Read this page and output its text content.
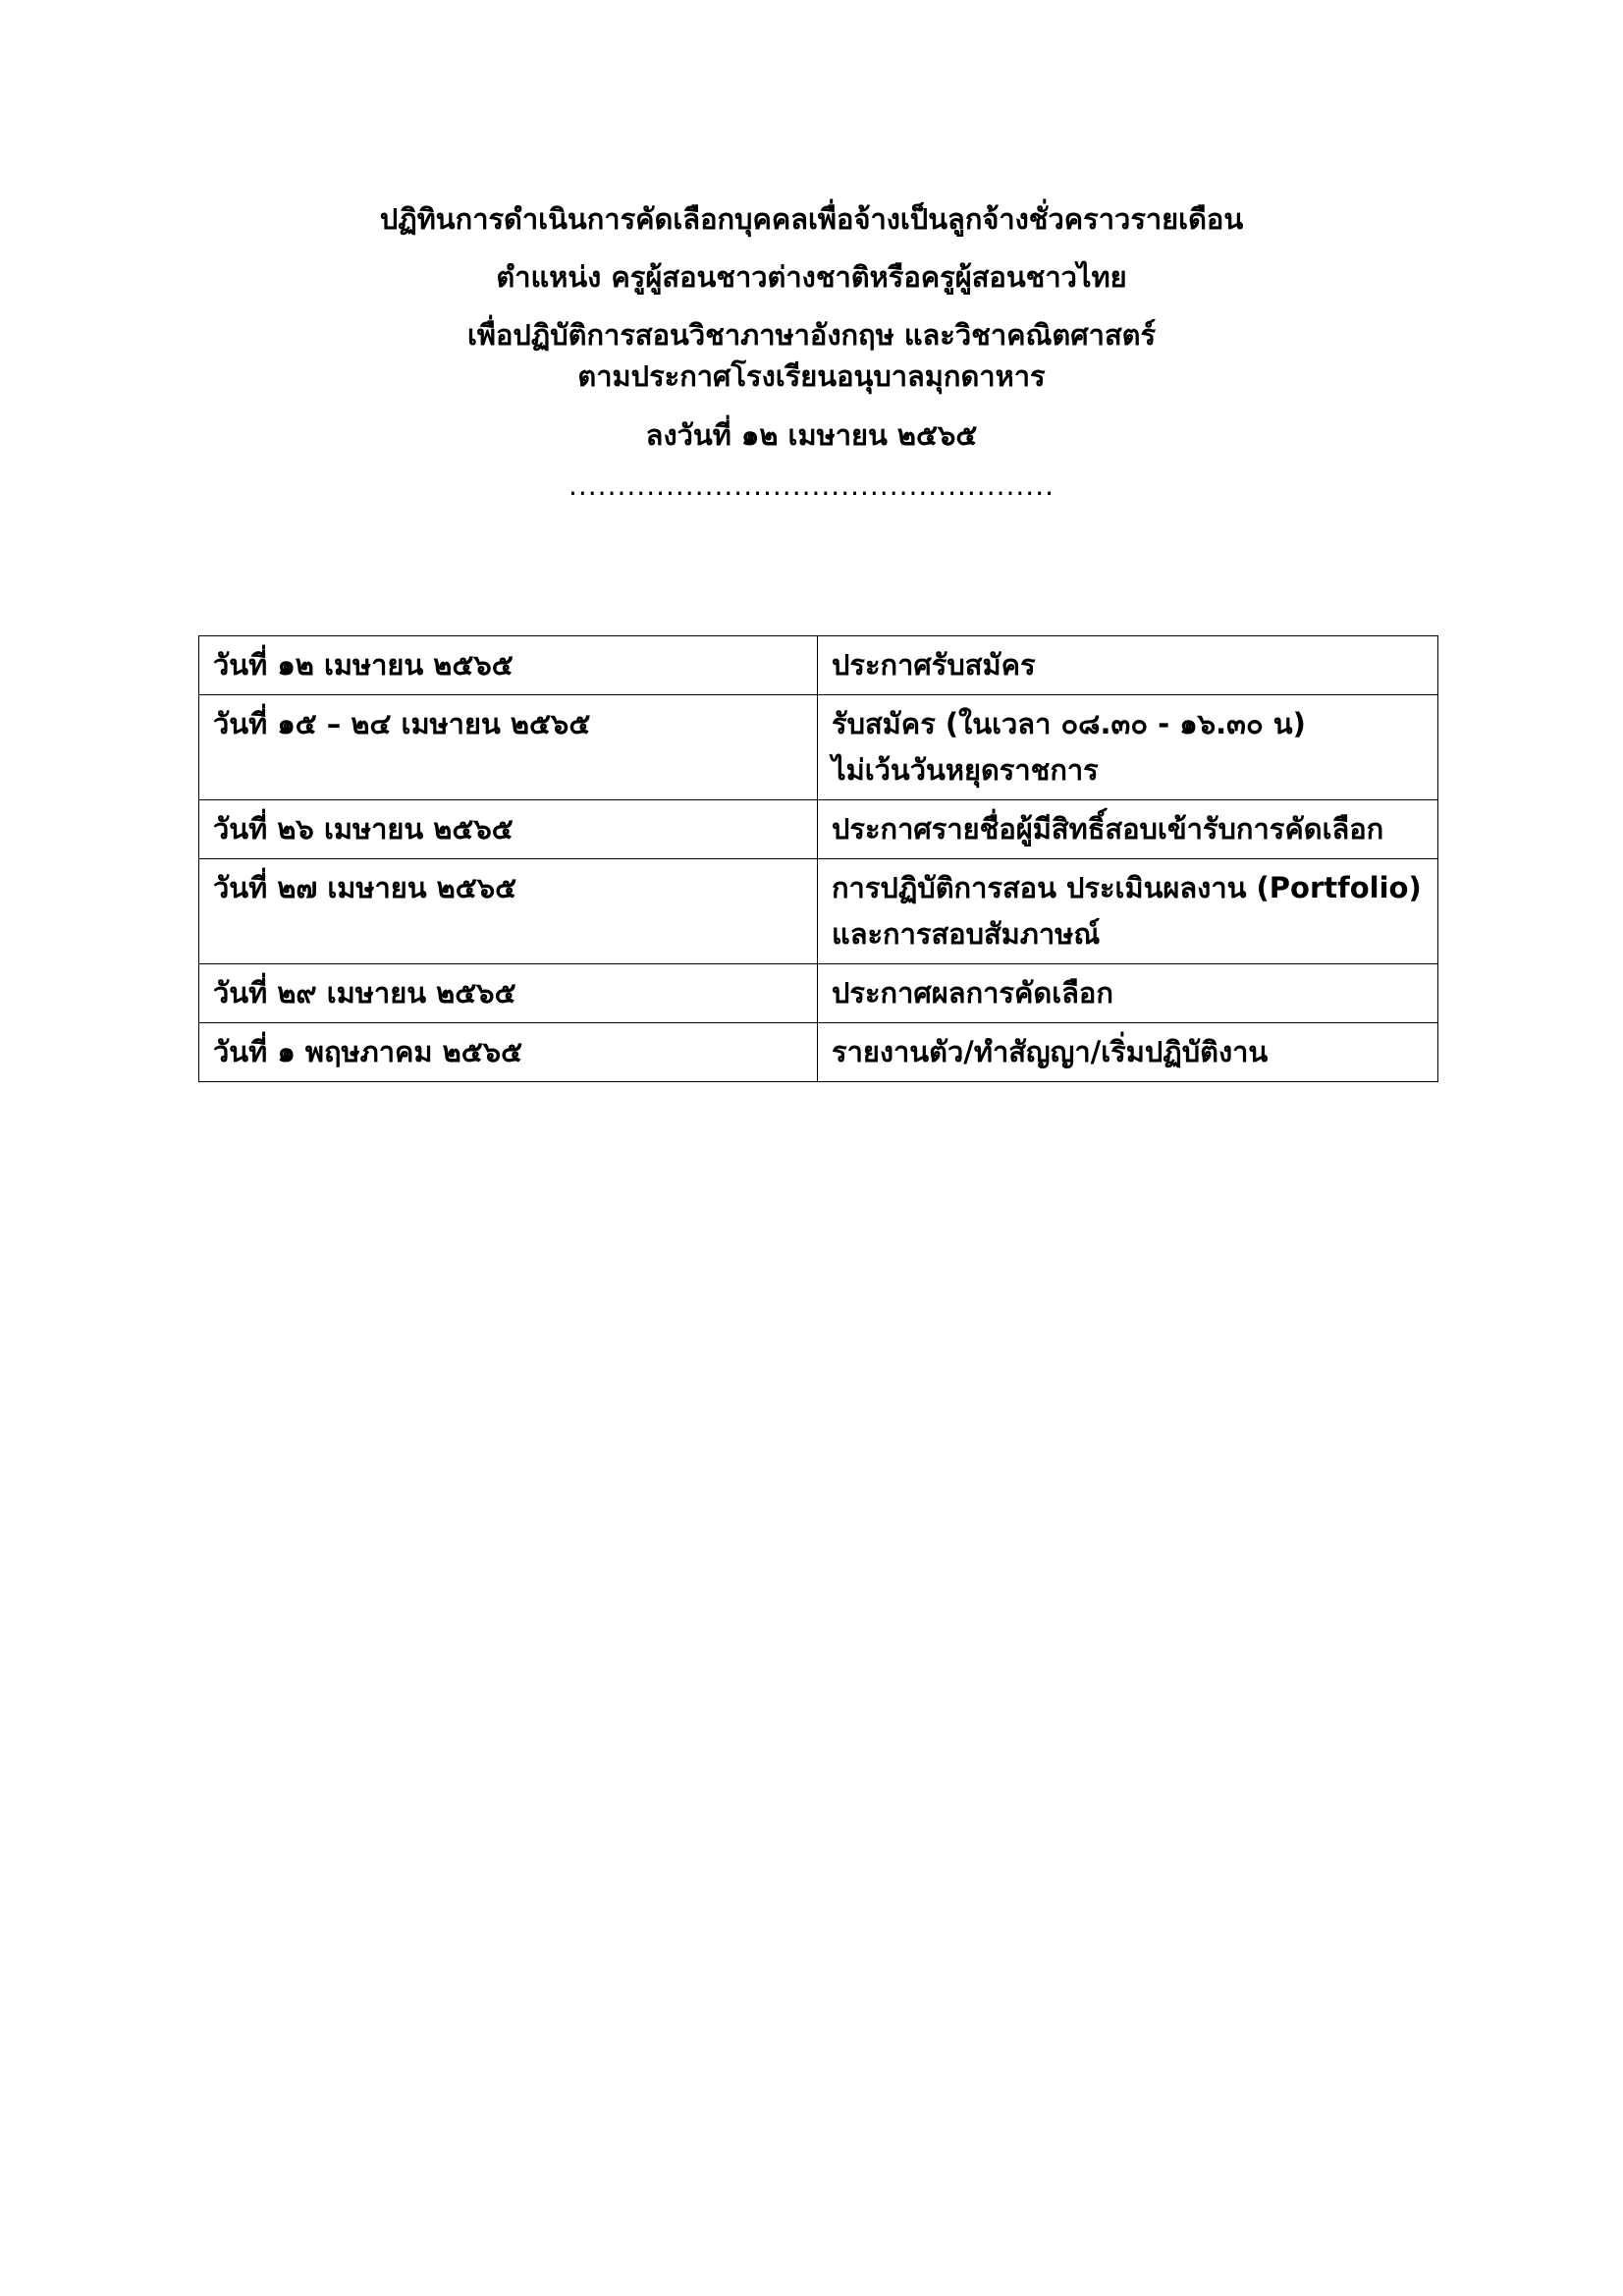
ปฏิทินการดำเนินการคัดเลือกบุคคลเพื่อจ้างเป็นลูกจ้างชั่วคราวรายเดือน
ตำแหน่ง ครูผู้สอนชาวต่างชาติหรือครูผู้สอนชาวไทย
เพื่อปฏิบัติการสอนวิชาภาษาอังกฤษ และวิชาคณิตศาสตร์
ตามประกาศโรงเรียนอนุบาลมุกดาหาร
ลงวันที่ ๑๒ เมษายน ๒๕๖๕
..................................................
วันที่ ๑๒ เมษายน ๒๕๖๕	ประกาศรับสมัคร

วันที่ ๑๕ – ๒๔ เมษายน ๒๕๖๕	รับสมัคร (ในเวลา ๐๘.๓๐ - ๑๖.๓๐ น)
ไม่เว้นวันหยุดราชการ

วันที่ ๒๖ เมษายน ๒๕๖๕	ประกาศรายชื่อผู้มีสิทธิ์สอบเข้ารับการคัดเลือก

วันที่ ๒๗ เมษายน ๒๕๖๕	การปฏิบัติการสอน ประเมินผลงาน (Portfolio)
และการสอบสัมภาษณ์

วันที่ ๒๙ เมษายน ๒๕๖๕	ประกาศผลการคัดเลือก

วันที่ ๑ พฤษภาคม ๒๕๖๕	รายงานตัว/ทำสัญญา/เริ่มปฏิบัติงาน
